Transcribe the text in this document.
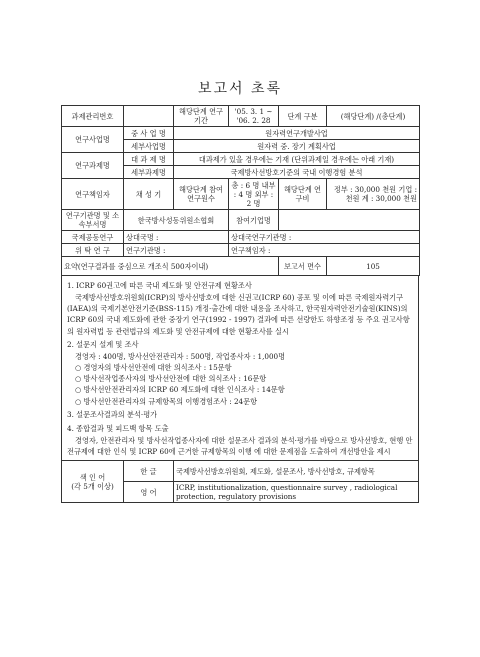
보고서 초록
과제관리번호		해당단계 연구기간	'05. 3. 1 ~ '06. 2. 28	단계 구분	(해당단계) /(총단계)
연구사업명	중 사 업 명	원자력연구개발사업			
	세부사업명	원자력 중. 장기 계획사업			
연구과제명	대 과 제 명	대과제가 있을 경우에는 기재 (단위과제일 경우에는 아래 기재)			
	세부과제명	국제방사선방호기준의 국내 이행경험 분석			
연구책임자	채 성 기	해당단계 참여연구원수	총 : 6 명 내부 : 4 명 외부 : 2 명	해당단계 연구비	정부 : 30,000 천원 기업 : 천원 계 : 30,000 천원
연구기관명 및 소속부서명	한국방사성동위원소협회		참여기업명		
국제공동연구	상대국명 :		상대국연구기관명 :		
위 탁 연 구	연구기관명 :		연구책임자 :		
요약(연구결과를 중심으로 개조식 500자이내)				보고서 면수	105
1. ICRP 60권고에 따른 국내 제도화 및 안전규제 현황조사
국제방사선방호위원회(ICRP)의 방사선방호에 대한 신권고(ICRP 60) 공포 및 이에 따른 국제원자력기구(IAEA)의 국제기본안전기준(BSS-115) 개정·출간에 대한 내용을 조사하고, 한국원자력안전기술원(KINS)의 ICRP 60의 국내 제도화에 관한 중장기 연구(1992 - 1997) 결과에 따른 선량한도 하향조정 등 주요 권고사항의 원자력법 등 관련법규의 제도화 및 안전규제에 대한 현황조사를 실시
2. 설문지 설계 및 조사
경영자 : 400명, 방사선안전관리자 : 500명, 작업종사자 : 1,000명
○ 경영자의 방사선안전에 대한 의식조사 : 15문항
○ 방사선작업종사자의 방사선안전에 대한 의식조사 : 16문항
○ 방사선안전관리자의 ICRP 60 제도화에 대한 인식조사 : 14문항
○ 방사선안전관리자의 규제항목의 이행경험조사 : 24문항
3. 설문조사결과의 분석·평가
4. 종합결과 및 피드백 항목 도출
경영자, 안전관리자 및 방사선작업종사자에 대한 설문조사 결과의 분석·평가를 바탕으로 방사선방호, 현행 안전규제에 대한 인식 및 ICRP 60에 근거한 규제항목의 이행 에 대한 문제점을 도출하여 개선방안을 제시
색 인 어
(각 5개 이상)	한 글	국제방사선방호위원회, 제도화, 설문조사, 방사선방호, 규제항목
	영 어	ICRP, institutionalization, questionnaire survey , radiological protection, regulatory provisions
